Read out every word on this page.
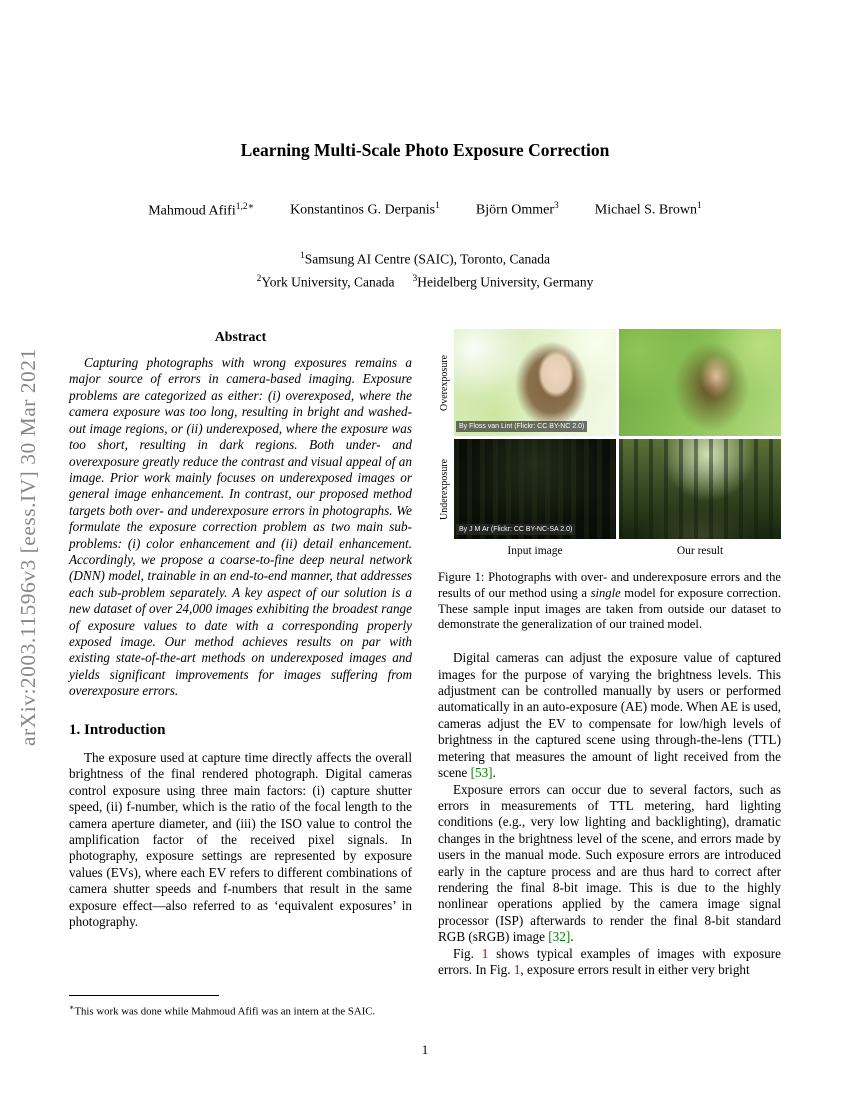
arXiv:2003.11596v3 [eess.IV] 30 Mar 2021
Learning Multi-Scale Photo Exposure Correction
Mahmoud Afifi$^{1,2∗}$	Konstantinos G. Derpanis$^1$	Björn Ommer$^3$	Michael S. Brown$^1$
$^1$Samsung AI Centre (SAIC), Toronto, Canada
$^2$York University, Canada $^3$Heidelberg University, Germany
Abstract

Capturing photographs with wrong exposures remains a major source of errors in camera-based imaging. Exposure problems are categorized as either: (i) overexposed, where the camera exposure was too long, resulting in bright and washed-out image regions, or (ii) underexposed, where the exposure was too short, resulting in dark regions. Both under- and overexposure greatly reduce the contrast and visual appeal of an image. Prior work mainly focuses on underexposed images or general image enhancement. In contrast, our proposed method targets both over- and underexposure errors in photographs. We formulate the exposure correction problem as two main sub-problems: (i) color enhancement and (ii) detail enhancement. Accordingly, we propose a coarse-to-fine deep neural network (DNN) model, trainable in an end-to-end manner, that addresses each sub-problem separately. A key aspect of our solution is a new dataset of over 24,000 images exhibiting the broadest range of exposure values to date with a corresponding properly exposed image. Our method achieves results on par with existing state-of-the-art methods on underexposed images and yields significant improvements for images suffering from overexposure errors.

1. Introduction

The exposure used at capture time directly affects the overall brightness of the final rendered photograph. Digital cameras control exposure using three main factors: (i) capture shutter speed, (ii) f-number, which is the ratio of the focal length to the camera aperture diameter, and (iii) the ISO value to control the amplification factor of the received pixel signals. In photography, exposure settings are represented by exposure values (EVs), where each EV refers to different combinations of camera shutter speeds and f-numbers that result in the same exposure effect—also referred to as ‘equivalent exposures’ in photography.

∗This work was done while Mahmoud Afifi was an intern at the SAIC.
Overexposure
By Floss van Lint (Flickr: CC BY-NC 2.0)
Underexposure
By J M Ar (Flickr: CC BY-NC-SA 2.0)
Input image	Our result
Figure 1: Photographs with over- and underexposure errors and the results of our method using a single model for exposure correction. These sample input images are taken from outside our dataset to demonstrate the generalization of our trained model.

Digital cameras can adjust the exposure value of captured images for the purpose of varying the brightness levels. This adjustment can be controlled manually by users or performed automatically in an auto-exposure (AE) mode. When AE is used, cameras adjust the EV to compensate for low/high levels of brightness in the captured scene using through-the-lens (TTL) metering that measures the amount of light received from the scene [53].

Exposure errors can occur due to several factors, such as errors in measurements of TTL metering, hard lighting conditions (e.g., very low lighting and backlighting), dramatic changes in the brightness level of the scene, and errors made by users in the manual mode. Such exposure errors are introduced early in the capture process and are thus hard to correct after rendering the final 8-bit image. This is due to the highly nonlinear operations applied by the camera image signal processor (ISP) afterwards to render the final 8-bit standard RGB (sRGB) image [32].

Fig. 1 shows typical examples of images with exposure errors. In Fig. 1, exposure errors result in either very bright

1
